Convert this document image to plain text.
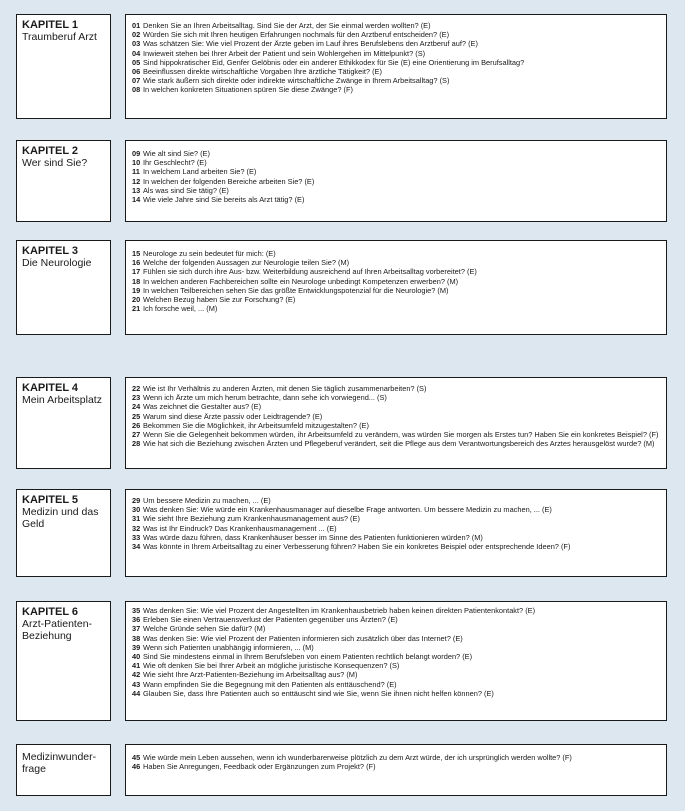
KAPITEL 1
Traumberuf Arzt
01 Denken Sie an Ihren Arbeitsalltag. Sind Sie der Arzt, der Sie einmal werden wollten? (E)
02 Würden Sie sich mit Ihren heutigen Erfahrungen nochmals für den Arztberuf entscheiden? (E)
03 Was schätzen Sie: Wie viel Prozent der Ärzte geben im Lauf ihres Berufslebens den Arztberuf auf? (E)
04 Inwieweit stehen bei Ihrer Arbeit der Patient und sein Wohlergehen im Mittelpunkt? (S)
05 Sind hippokratischer Eid, Genfer Gelöbnis oder ein anderer Ethikkodex für Sie (E) eine Orientierung im Berufsalltag?
06 Beeinflussen direkte wirtschaftliche Vorgaben Ihre ärztliche Tätigkeit? (E)
07 Wie stark äußern sich direkte oder indirekte wirtschaftliche Zwänge in Ihrem Arbeitsalltag? (S)
08 In welchen konkreten Situationen spüren Sie diese Zwänge? (F)
KAPITEL 2
Wer sind Sie?
09 Wie alt sind Sie? (E)
10 Ihr Geschlecht? (E)
11 In welchem Land arbeiten Sie? (E)
12 In welchen der folgenden Bereiche arbeiten Sie? (E)
13 Als was sind Sie tätig? (E)
14 Wie viele Jahre sind Sie bereits als Arzt tätig? (E)
KAPITEL 3
Die Neurologie
15 Neurologe zu sein bedeutet für mich: (E)
16 Welche der folgenden Aussagen zur Neurologie teilen Sie? (M)
17 Fühlen sie sich durch ihre Aus- bzw. Weiterbildung ausreichend auf Ihren Arbeitsalltag vorbereitet? (E)
18 In welchen anderen Fachbereichen sollte ein Neurologe unbedingt Kompetenzen erwerben? (M)
19 In welchen Teilbereichen sehen Sie das größte Entwicklungspotenzial für die Neurologie? (M)
20 Welchen Bezug haben Sie zur Forschung? (E)
21 Ich forsche weil, ... (M)
KAPITEL 4
Mein Arbeitsplatz
22 Wie ist Ihr Verhältnis zu anderen Ärzten, mit denen Sie täglich zusammenarbeiten? (S)
23 Wenn ich Ärzte um mich herum betrachte, dann sehe ich vorwiegend... (S)
24 Was zeichnet die Gestalter aus? (E)
25 Warum sind diese Ärzte passiv oder Leidtragende? (E)
26 Bekommen Sie die Möglichkeit, ihr Arbeitsumfeld mitzugestalten? (E)
27 Wenn Sie die Gelegenheit bekommen würden, ihr Arbeitsumfeld zu verändern, was würden Sie morgen als Erstes tun? Haben Sie ein konkretes Beispiel? (F)
28 Wie hat sich die Beziehung zwischen Ärzten und Pflegeberuf verändert, seit die Pflege aus dem Verantwortungsbereich des Arztes herausgelöst wurde? (M)
KAPITEL 5
Medizin und das Geld
29 Um bessere Medizin zu machen, ... (E)
30 Was denken Sie: Wie würde ein Krankenhausmanager auf dieselbe Frage antworten. Um bessere Medizin zu machen, ... (E)
31 Wie sieht Ihre Beziehung zum Krankenhausmanagement aus? (E)
32 Was ist Ihr Eindruck? Das Krankenhausmanagement ... (E)
33 Was würde dazu führen, dass Krankenhäuser besser im Sinne des Patienten funktionieren würden? (M)
34 Was könnte in Ihrem Arbeitsalltag zu einer Verbesserung führen? Haben Sie ein konkretes Beispiel oder entsprechende Ideen? (F)
KAPITEL 6
Arzt-Patienten-Beziehung
35 Was denken Sie: Wie viel Prozent der Angestellten im Krankenhausbetrieb haben keinen direkten Patientenkontakt? (E)
36 Erleben Sie einen Vertrauensverlust der Patienten gegenüber uns Ärzten? (E)
37 Welche Gründe sehen Sie dafür? (M)
38 Was denken Sie: Wie viel Prozent der Patienten informieren sich zusätzlich über das Internet? (E)
39 Wenn sich Patienten unabhängig informieren, ... (M)
40 Sind Sie mindestens einmal in Ihrem Berufsleben von einem Patienten rechtlich belangt worden? (E)
41 Wie oft denken Sie bei Ihrer Arbeit an mögliche juristische Konsequenzen? (S)
42 Wie sieht Ihre Arzt-Patienten-Beziehung im Arbeitsalltag aus? (M)
43 Wann empfinden Sie die Begegnung mit den Patienten als enttäuschend? (E)
44 Glauben Sie, dass Ihre Patienten auch so enttäuscht sind wie Sie, wenn Sie ihnen nicht helfen können? (E)
Medizinwunder-frage
45 Wie würde mein Leben aussehen, wenn ich wunderbarerweise plötzlich zu dem Arzt würde, der ich ursprünglich werden wollte? (F)
46 Haben Sie Anregungen, Feedback oder Ergänzungen zum Projekt? (F)
